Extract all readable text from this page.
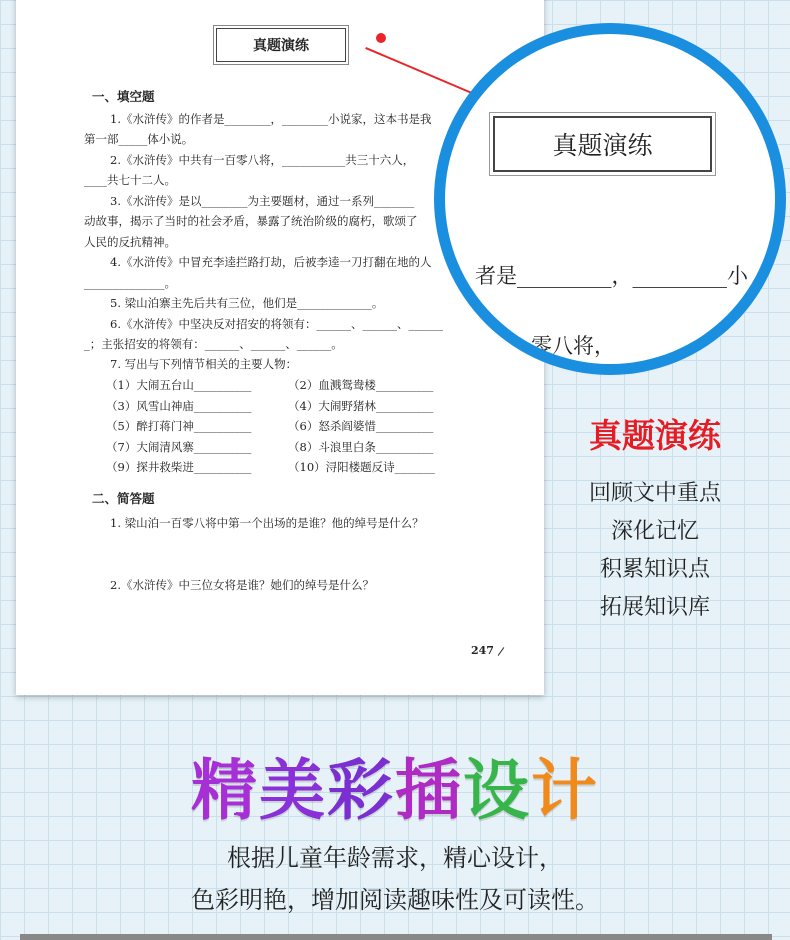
真题演练
一、填空题
1.《水浒传》的作者是________，________小说家，这本书是我
第一部_____体小说。
2.《水浒传》中共有一百零八将，___________共三十六人，
____共七十二人。
3.《水浒传》是以________为主要题材，通过一系列_______
动故事，揭示了当时的社会矛盾，暴露了统治阶级的腐朽，歌颂了
人民的反抗精神。
4.《水浒传》中冒充李逵拦路打劫，后被李逵一刀打翻在地的人
______________。
5. 梁山泊寨主先后共有三位，他们是_____________。
6.《水浒传》中坚决反对招安的将领有：______、______、______
_；主张招安的将领有：______、______、______。
7. 写出与下列情节相关的主要人物：
（1）大闹五台山__________	（2）血溅鸳鸯楼__________
（3）风雪山神庙__________	（4）大闹野猪林__________
（5）醉打蒋门神__________	（6）怒杀阎婆惜__________
（7）大闹清风寨__________	（8）斗浪里白条__________
（9）探井救柴进__________	（10）浔阳楼题反诗_______
二、简答题
1. 梁山泊一百零八将中第一个出场的是谁？他的绰号是什么？
2.《水浒传》中三位女将是谁？她们的绰号是什么？
247
真题演练
者是_________，_________小
零八将，
真题演练
回顾文中重点
深化记忆
积累知识点
拓展知识库
精美彩插设计
根据儿童年龄需求，精心设计，
色彩明艳，增加阅读趣味性及可读性。
